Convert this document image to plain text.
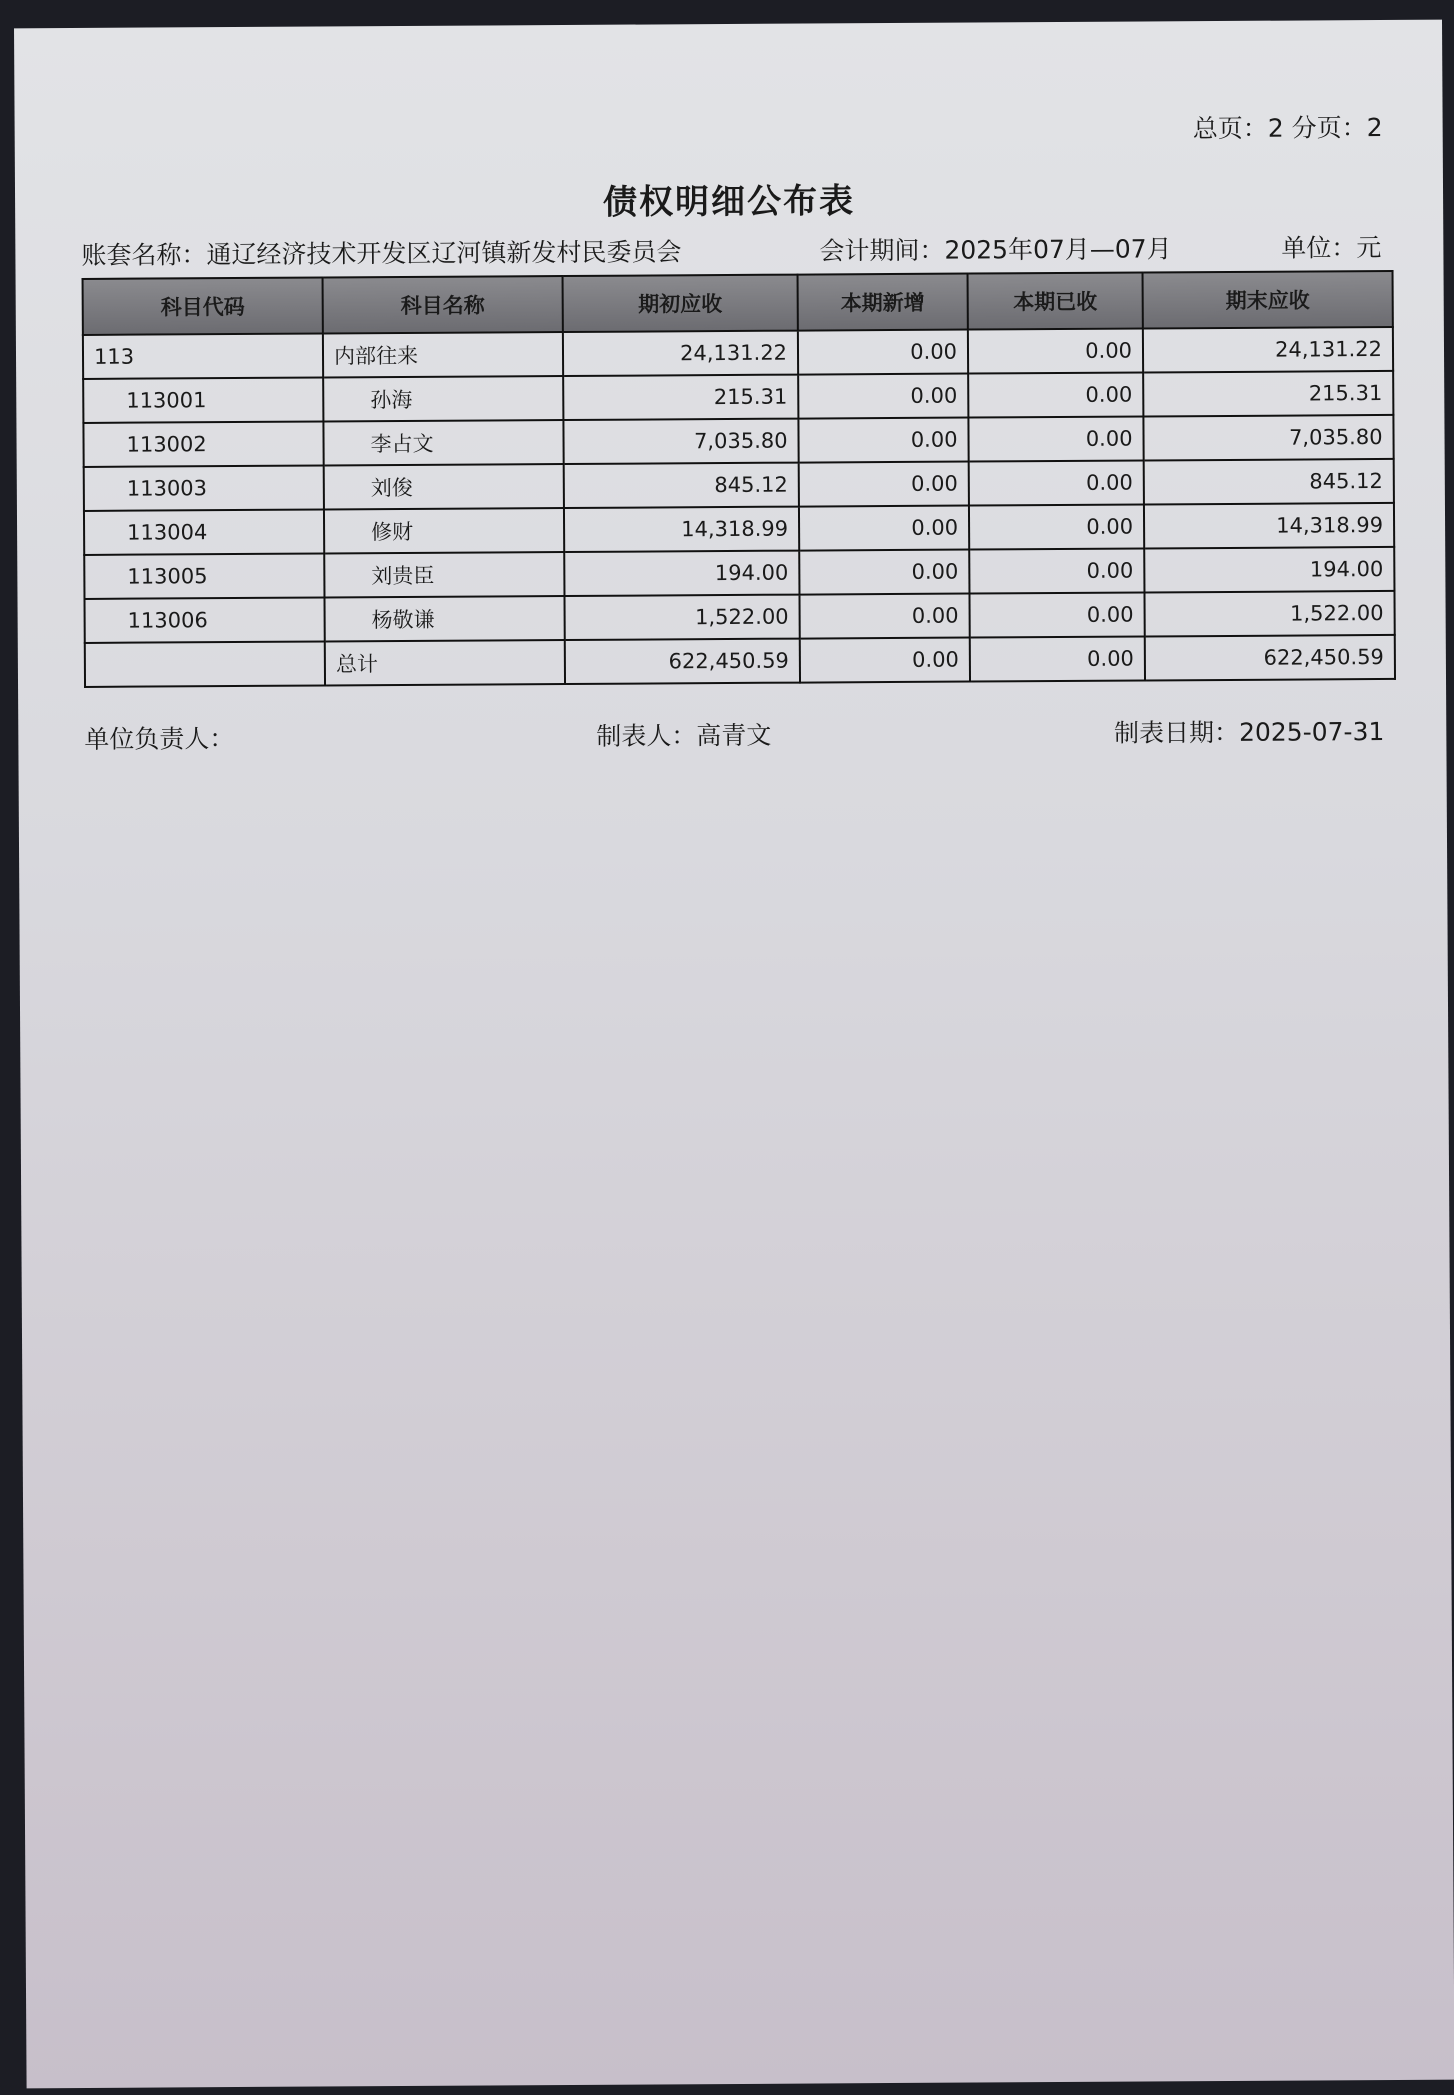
总页：2 分页：2
债权明细公布表
账套名称：通辽经济技术开发区辽河镇新发村民委员会	会计期间：2025年07月—07月	单位：元
科目代码	科目名称	期初应收	本期新增	本期已收	期末应收
113	内部往来	24,131.22	0.00	0.00	24,131.22
113001	孙海	215.31	0.00	0.00	215.31
113002	李占文	7,035.80	0.00	0.00	7,035.80
113003	刘俊	845.12	0.00	0.00	845.12
113004	修财	14,318.99	0.00	0.00	14,318.99
113005	刘贵臣	194.00	0.00	0.00	194.00
113006	杨敬谦	1,522.00	0.00	0.00	1,522.00
	总计	622,450.59	0.00	0.00	622,450.59
单位负责人：	制表人：高青文	制表日期：2025-07-31
